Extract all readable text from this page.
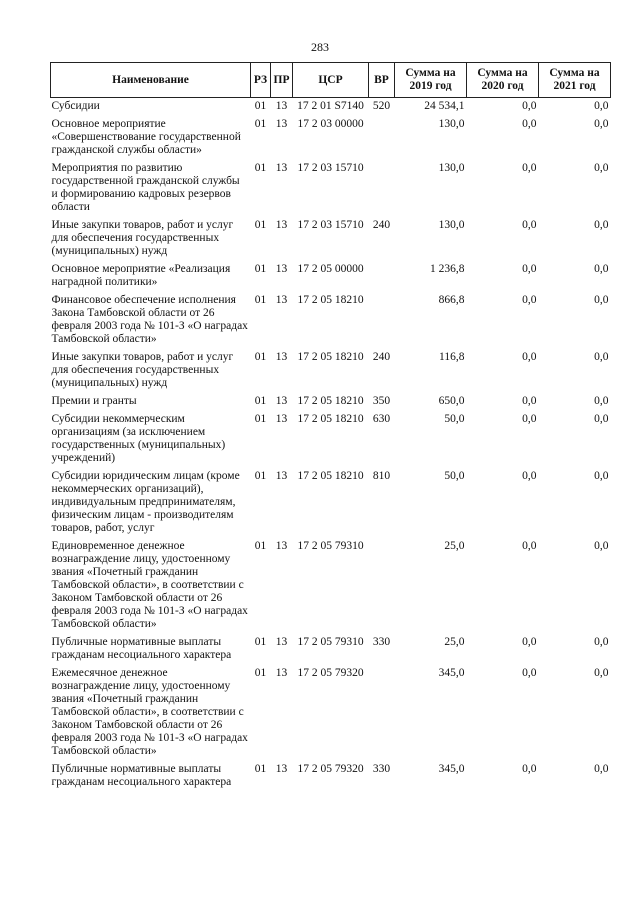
283
Наименование	РЗ	ПР	ЦСР	ВР	Сумма на 2019 год	Сумма на 2020 год	Сумма на 2021 год
Субсидии	01	13	17 2 01 S7140	520	24 534,1	0,0	0,0
Основное мероприятие «Совершенствование государственной гражданской службы области»	01	13	17 2 03 00000		130,0	0,0	0,0
Мероприятия по развитию государственной гражданской службы и формированию кадровых резервов области	01	13	17 2 03 15710		130,0	0,0	0,0
Иные закупки товаров, работ и услуг для обеспечения государственных (муниципальных) нужд	01	13	17 2 03 15710	240	130,0	0,0	0,0
Основное мероприятие «Реализация наградной политики»	01	13	17 2 05 00000		1 236,8	0,0	0,0
Финансовое обеспечение исполнения Закона Тамбовской области от 26 февраля 2003 года № 101-З «О наградах Тамбовской области»	01	13	17 2 05 18210		866,8	0,0	0,0
Иные закупки товаров, работ и услуг для обеспечения государственных (муниципальных) нужд	01	13	17 2 05 18210	240	116,8	0,0	0,0
Премии и гранты	01	13	17 2 05 18210	350	650,0	0,0	0,0
Субсидии некоммерческим организациям (за исключением государственных (муниципальных) учреждений)	01	13	17 2 05 18210	630	50,0	0,0	0,0
Субсидии юридическим лицам (кроме некоммерческих организаций), индивидуальным предпринимателям, физическим лицам - производителям товаров, работ, услуг	01	13	17 2 05 18210	810	50,0	0,0	0,0
Единовременное денежное вознаграждение лицу, удостоенному звания «Почетный гражданин Тамбовской области», в соответствии с Законом Тамбовской области от 26 февраля 2003 года № 101-З «О наградах Тамбовской области»	01	13	17 2 05 79310		25,0	0,0	0,0
Публичные нормативные выплаты гражданам несоциального характера	01	13	17 2 05 79310	330	25,0	0,0	0,0
Ежемесячное денежное вознаграждение лицу, удостоенному звания «Почетный гражданин Тамбовской области», в соответствии с Законом Тамбовской области от 26 февраля 2003 года № 101-З «О наградах Тамбовской области»	01	13	17 2 05 79320		345,0	0,0	0,0
Публичные нормативные выплаты гражданам несоциального характера	01	13	17 2 05 79320	330	345,0	0,0	0,0
